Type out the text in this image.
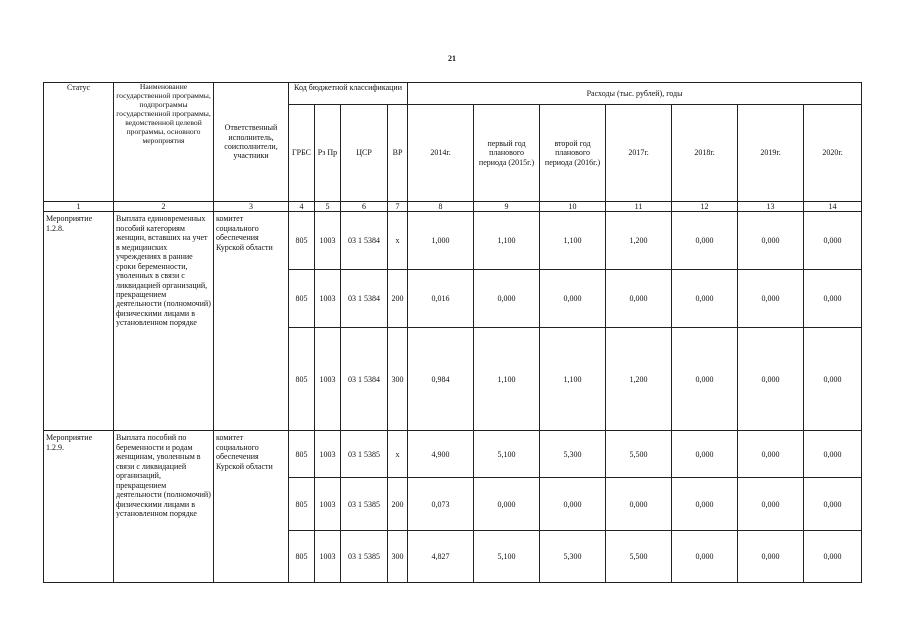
21
Статус	Наименование государственной программы, подпрограммы государственной программы, ведомственной целевой программы, основного мероприятия	Ответственный исполнитель, соисполнители, участники	Код бюджетной классификации				Расходы (тыс. рублей), годы						
			ГРБС	Рз Пр	ЦСР	ВР	2014г.	первый год планового периода (2015г.)	второй год планового периода (2016г.)	2017г.	2018г.	2019г.	2020г.
1	2	3	4	5	6	7	8	9	10	11	12	13	14
Мероприятие 1.2.8.	Выплата единовременных пособий категориям женщин, вставших на учет в медицинских учреждениях в ранние сроки беременности, уволенных в связи с ликвидацией организаций, прекращением деятельности (полномочий) физическими лицами в установленном порядке	комитет социального обеспечения Курской области	805	1003	03 1 5384	х	1,000	1,100	1,100	1,200	0,000	0,000	0,000
			805	1003	03 1 5384	200	0,016	0,000	0,000	0,000	0,000	0,000	0,000
			805	1003	03 1 5384	300	0,984	1,100	1,100	1,200	0,000	0,000	0,000
Мероприятие 1.2.9.	Выплата пособий по беременности и родам женщинам, уволенным в связи с ликвидацией организаций, прекращением деятельности (полномочий) физическими лицами в установленном порядке	комитет социального обеспечения Курской области	805	1003	03 1 5385	х	4,900	5,100	5,300	5,500	0,000	0,000	0,000
			805	1003	03 1 5385	200	0,073	0,000	0,000	0,000	0,000	0,000	0,000
			805	1003	03 1 5385	300	4,827	5,100	5,300	5,500	0,000	0,000	0,000
